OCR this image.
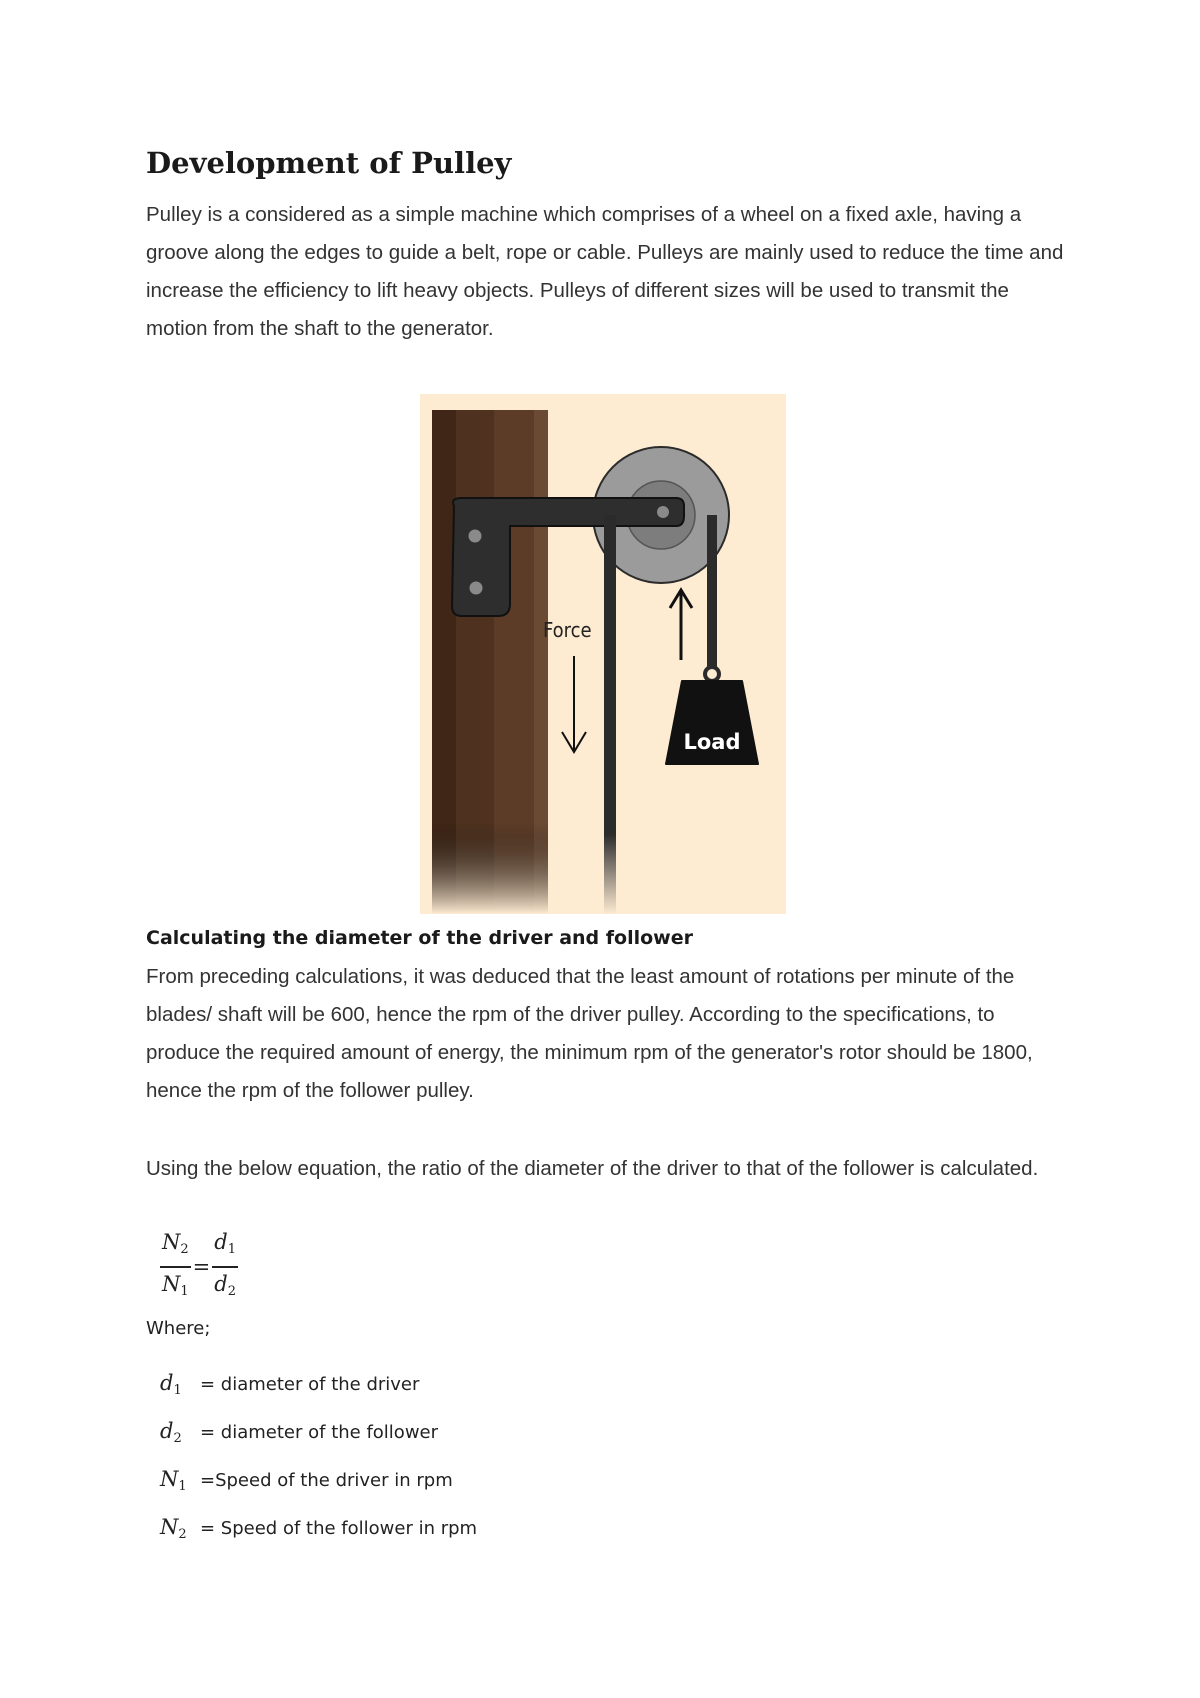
Development of Pulley

Pulley is a considered as a simple machine which comprises of a wheel on a fixed axle, having a groove along the edges to guide a belt, rope or cable. Pulleys are mainly used to reduce the time and increase the efficiency to lift heavy objects. Pulleys of different sizes will be used to transmit the motion from the shaft to the generator.

Force
Load
Calculating the diameter of the driver and follower

From preceding calculations, it was deduced that the least amount of rotations per minute of the blades/ shaft will be 600, hence the rpm of the driver pulley. According to the specifications, to produce the required amount of energy, the minimum rpm of the generator's rotor should be 1800, hence the rpm of the follower pulley.

Using the below equation, the ratio of the diameter of the driver to that of the follower is calculated.

$\frac{N_2}{N_1} = \frac{d_1}{d_2}$

Where;

$d_1$	= diameter of the driver
$d_2$	= diameter of the follower
$N_1$ =Speed of the driver in rpm
$N_2$ = Speed of the follower in rpm
